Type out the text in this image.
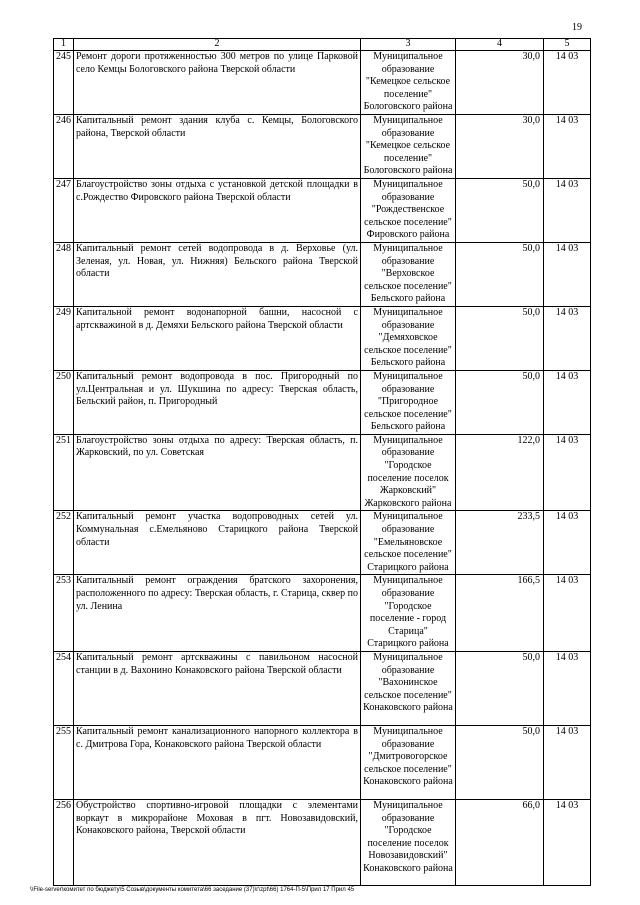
19
1	2	3	4	5
245	Ремонт дороги протяженностью 300 метров по улице Парковой село Кемцы Бологовского района Тверской области	Муниципальное образование "Кемецкое сельское поселение" Бологовского района	30,0	14 03
246	Капитальный ремонт здания клуба с. Кемцы, Бологовского района, Тверской области	Муниципальное образование "Кемецкое сельское поселение" Бологовского района	30,0	14 03
247	Благоустройство зоны отдыха с установкой детской площадки в с.Рождество Фировского района Тверской области	Муниципальное образование "Рождественское сельское поселение" Фировского района	50,0	14 03
248	Капитальный ремонт сетей водопровода в д. Верховье (ул. Зеленая, ул. Новая, ул. Нижняя) Бельского района Тверской области	Муниципальное образование "Верховское сельское поселение" Бельского района	50,0	14 03
249	Капитальной ремонт водонапорной башни, насосной с артскважиной в д. Демяхи Бельского района Тверской области	Муниципальное образование "Демяховское сельское поселение" Бельского района	50,0	14 03
250	Капитальный ремонт водопровода в пос. Пригородный по ул.Центральная и ул. Шукшина по адресу: Тверская область, Бельский район, п. Пригородный	Муниципальное образование "Пригородное сельское поселение" Бельского района	50,0	14 03
251	Благоустройство зоны отдыха по адресу: Тверская область, п. Жарковский, по ул. Советская	Муниципальное образование "Городское поселение поселок Жарковский" Жарковского района	122,0	14 03
252	Капитальный ремонт участка водопроводных сетей ул. Коммунальная с.Емельяново Старицкого района Тверской области	Муниципальное образование "Емельяновское сельское поселение" Старицкого района	233,5	14 03
253	Капитальный ремонт ограждения братского захоронения, расположенного по адресу: Тверская область, г. Старица, сквер по ул. Ленина	Муниципальное образование "Городское поселение - город Старица" Старицкого района	166,5	14 03
254	Капитальный ремонт артскважины с павильоном насосной станции в д. Вахонино Конаковского района Тверской области	Муниципальное образование "Вахонинское сельское поселение" Конаковского района	50,0	14 03
255	Капитальный ремонт канализационного напорного коллектора в с. Дмитрова Гора, Конаковского района Тверской области	Муниципальное образование "Дмитровогорское сельское поселение" Конаковского района	50,0	14 03
256	Обустройство спортивно-игровой площадки с элементами воркаут в микрорайоне Моховая в пгт. Новозавидовский, Конаковского района, Тверской области	Муниципальное образование "Городское поселение поселок Новозавидовский" Конаковского района	66,0	14 03
\\File-server\комитет по бюджету\5 Созыв\документы комитета\66 заседание (37)\г\zpt\66) 1764-П-5\Прил 17 Прил 45
